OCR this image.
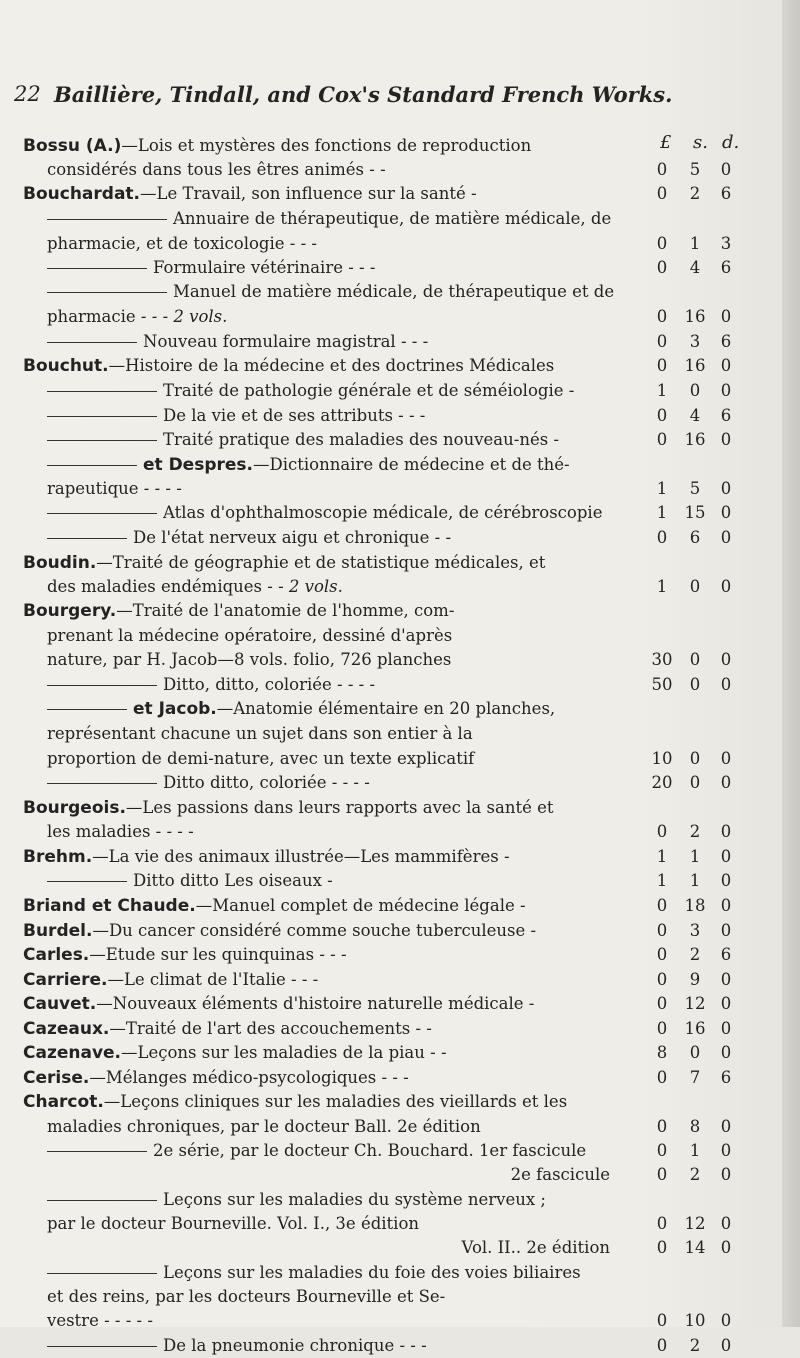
22 Baillière, Tindall, and Cox's Standard French Works.
£ s. d.
Bossu (A.)—Lois et mystères des fonctions de reproduction
considérés dans tous les êtres animés - -	0	5	0
Bouchardat.—Le Travail, son influence sur la santé -	0	2	6
Annuaire de thérapeutique, de matière médicale, de
pharmacie, et de toxicologie - - -	0	1	3
Formulaire vétérinaire - - -	0	4	6
Manuel de matière médicale, de thérapeutique et de
pharmacie - - - 2 vols.	0	16 0
Nouveau formulaire magistral - - -	0	3	6
Bouchut.—Histoire de la médecine et des doctrines Médicales	0	16 0
Traité de pathologie générale et de séméiologie -	1	0	0
De la vie et de ses attributs - - -	0	4	6
Traité pratique des maladies des nouveau-nés -	0	16 0
et Despres.—Dictionnaire de médecine et de thé-
rapeutique - - - -	1	5	0
Atlas d'ophthalmoscopie médicale, de cérébroscopie	1	15 0
De l'état nerveux aigu et chronique - -	0	6	0
Boudin.—Traité de géographie et de statistique médicales, et
des maladies endémiques - - 2 vols.	1	0	0
Bourgery.—Traité de l'anatomie de l'homme, com-
prenant la médecine opératoire, dessiné d'après
nature, par H. Jacob—8 vols. folio, 726 planches	30	0	0
Ditto, ditto, coloriée - - - -	50	0	0
et Jacob.—Anatomie élémentaire en 20 planches,
représentant chacune un sujet dans son entier à la
proportion de demi-nature, avec un texte explicatif	10	0	0
Ditto ditto, coloriée - - - -	20	0	0
Bourgeois.—Les passions dans leurs rapports avec la santé et
les maladies - - - -	0	2	0
Brehm.—La vie des animaux illustrée—Les mammifères -	1	1	0
Ditto ditto Les oiseaux -	1	1	0
Briand et Chaude.—Manuel complet de médecine légale -	0	18 0
Burdel.—Du cancer considéré comme souche tuberculeuse -	0	3	0
Carles.—Etude sur les quinquinas - - -	0	2	6
Carriere.—Le climat de l'Italie - - -	0	9	0
Cauvet.—Nouveaux éléments d'histoire naturelle médicale -	0	12 0
Cazeaux.—Traité de l'art des accouchements - -	0	16 0
Cazenave.—Leçons sur les maladies de la piau - -	8	0	0
Cerise.—Mélanges médico-psycologiques - - -	0	7	6
Charcot.—Leçons cliniques sur les maladies des vieillards et les
maladies chroniques, par le docteur Ball. 2e édition	0	8	0
2e série, par le docteur Ch. Bouchard. 1er fascicule	0	1	0
2e fascicule	0	2	0
Leçons sur les maladies du système nerveux ;
par le docteur Bourneville. Vol. I., 3e édition	0	12 0
Vol. II.. 2e édition	0	14 0
Leçons sur les maladies du foie des voies biliaires
et des reins, par les docteurs Bourneville et Se-
vestre - - - - -	0	10 0
De la pneumonie chronique - - -	0	2	0
